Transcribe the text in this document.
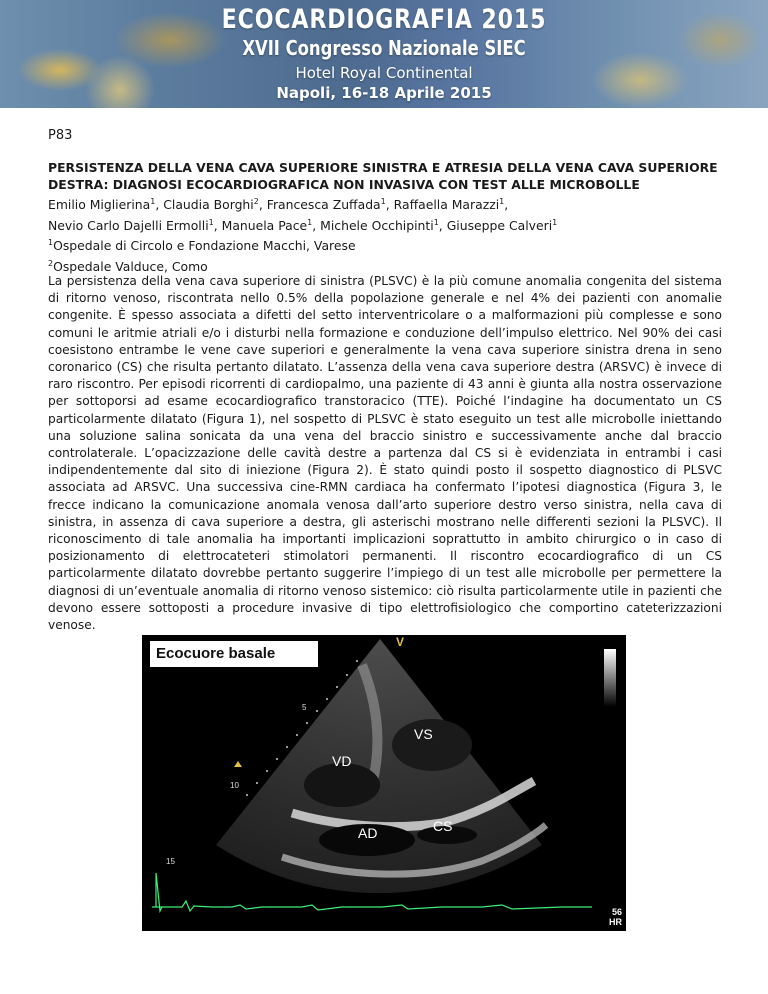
ECOCARDIOGRAFIA 2015
XVII Congresso Nazionale SIEC
Hotel Royal Continental
Napoli, 16-18 Aprile 2015
P83
PERSISTENZA DELLA VENA CAVA SUPERIORE SINISTRA E ATRESIA DELLA VENA CAVA SUPERIORE DESTRA: DIAGNOSI ECOCARDIOGRAFICA NON INVASIVA CON TEST ALLE MICROBOLLE
Emilio Miglierina$^1$, Claudia Borghi$^2$, Francesca Zuffada$^1$, Raffaella Marazzi$^1$,
Nevio Carlo Dajelli Ermolli$^1$, Manuela Pace$^1$, Michele Occhipinti$^1$, Giuseppe Calveri$^1$
$^1$Ospedale di Circolo e Fondazione Macchi, Varese
$^2$Ospedale Valduce, Como
La persistenza della vena cava superiore di sinistra (PLSVC) è la più comune anomalia congenita del sistema di ritorno venoso, riscontrata nello 0.5% della popolazione generale e nel 4% dei pazienti con anomalie congenite. È spesso associata a difetti del setto interventricolare o a malformazioni più complesse e sono comuni le aritmie atriali e/o i disturbi nella formazione e conduzione dell’impulso elettrico. Nel 90% dei casi coesistono entrambe le vene cave superiori e generalmente la vena cava superiore sinistra drena in seno coronarico (CS) che risulta pertanto dilatato. L’assenza della vena cava superiore destra (ARSVC) è invece di raro riscontro. Per episodi ricorrenti di cardiopalmo, una paziente di 43 anni è giunta alla nostra osservazione per sottoporsi ad esame ecocardiografico transtoracico (TTE). Poiché l’indagine ha documentato un CS particolarmente dilatato (Figura 1), nel sospetto di PLSVC è stato eseguito un test alle microbolle iniettando una soluzione salina sonicata da una vena del braccio sinistro e successivamente anche dal braccio controlaterale. L’opacizzazione delle cavità destre a partenza dal CS si è evidenziata in entrambi i casi indipendentemente dal sito di iniezione (Figura 2). È stato quindi posto il sospetto diagnostico di PLSVC associata ad ARSVC. Una successiva cine-RMN cardiaca ha confermato l’ipotesi diagnostica (Figura 3, le frecce indicano la comunicazione anomala venosa dall’arto superiore destro verso sinistra, nella cava di sinistra, in assenza di cava superiore a destra, gli asterischi mostrano nelle differenti sezioni la PLSVC). Il riconoscimento di tale anomalia ha importanti implicazioni soprattutto in ambito chirurgico o in caso di posizionamento di elettrocateteri stimolatori permanenti. Il riscontro ecocardiografico di un CS particolarmente dilatato dovrebbe pertanto suggerire l’impiego di un test alle microbolle per permettere la diagnosi di un’eventuale anomalia di ritorno venoso sistemico: ciò risulta particolarmente utile in pazienti che devono essere sottoposti a procedure invasive di tipo elettrofisiologico che comportino cateterizzazioni venose.
Ecocuore basale
V
VS
VD
AD	CS
5
10
15
56
HR
